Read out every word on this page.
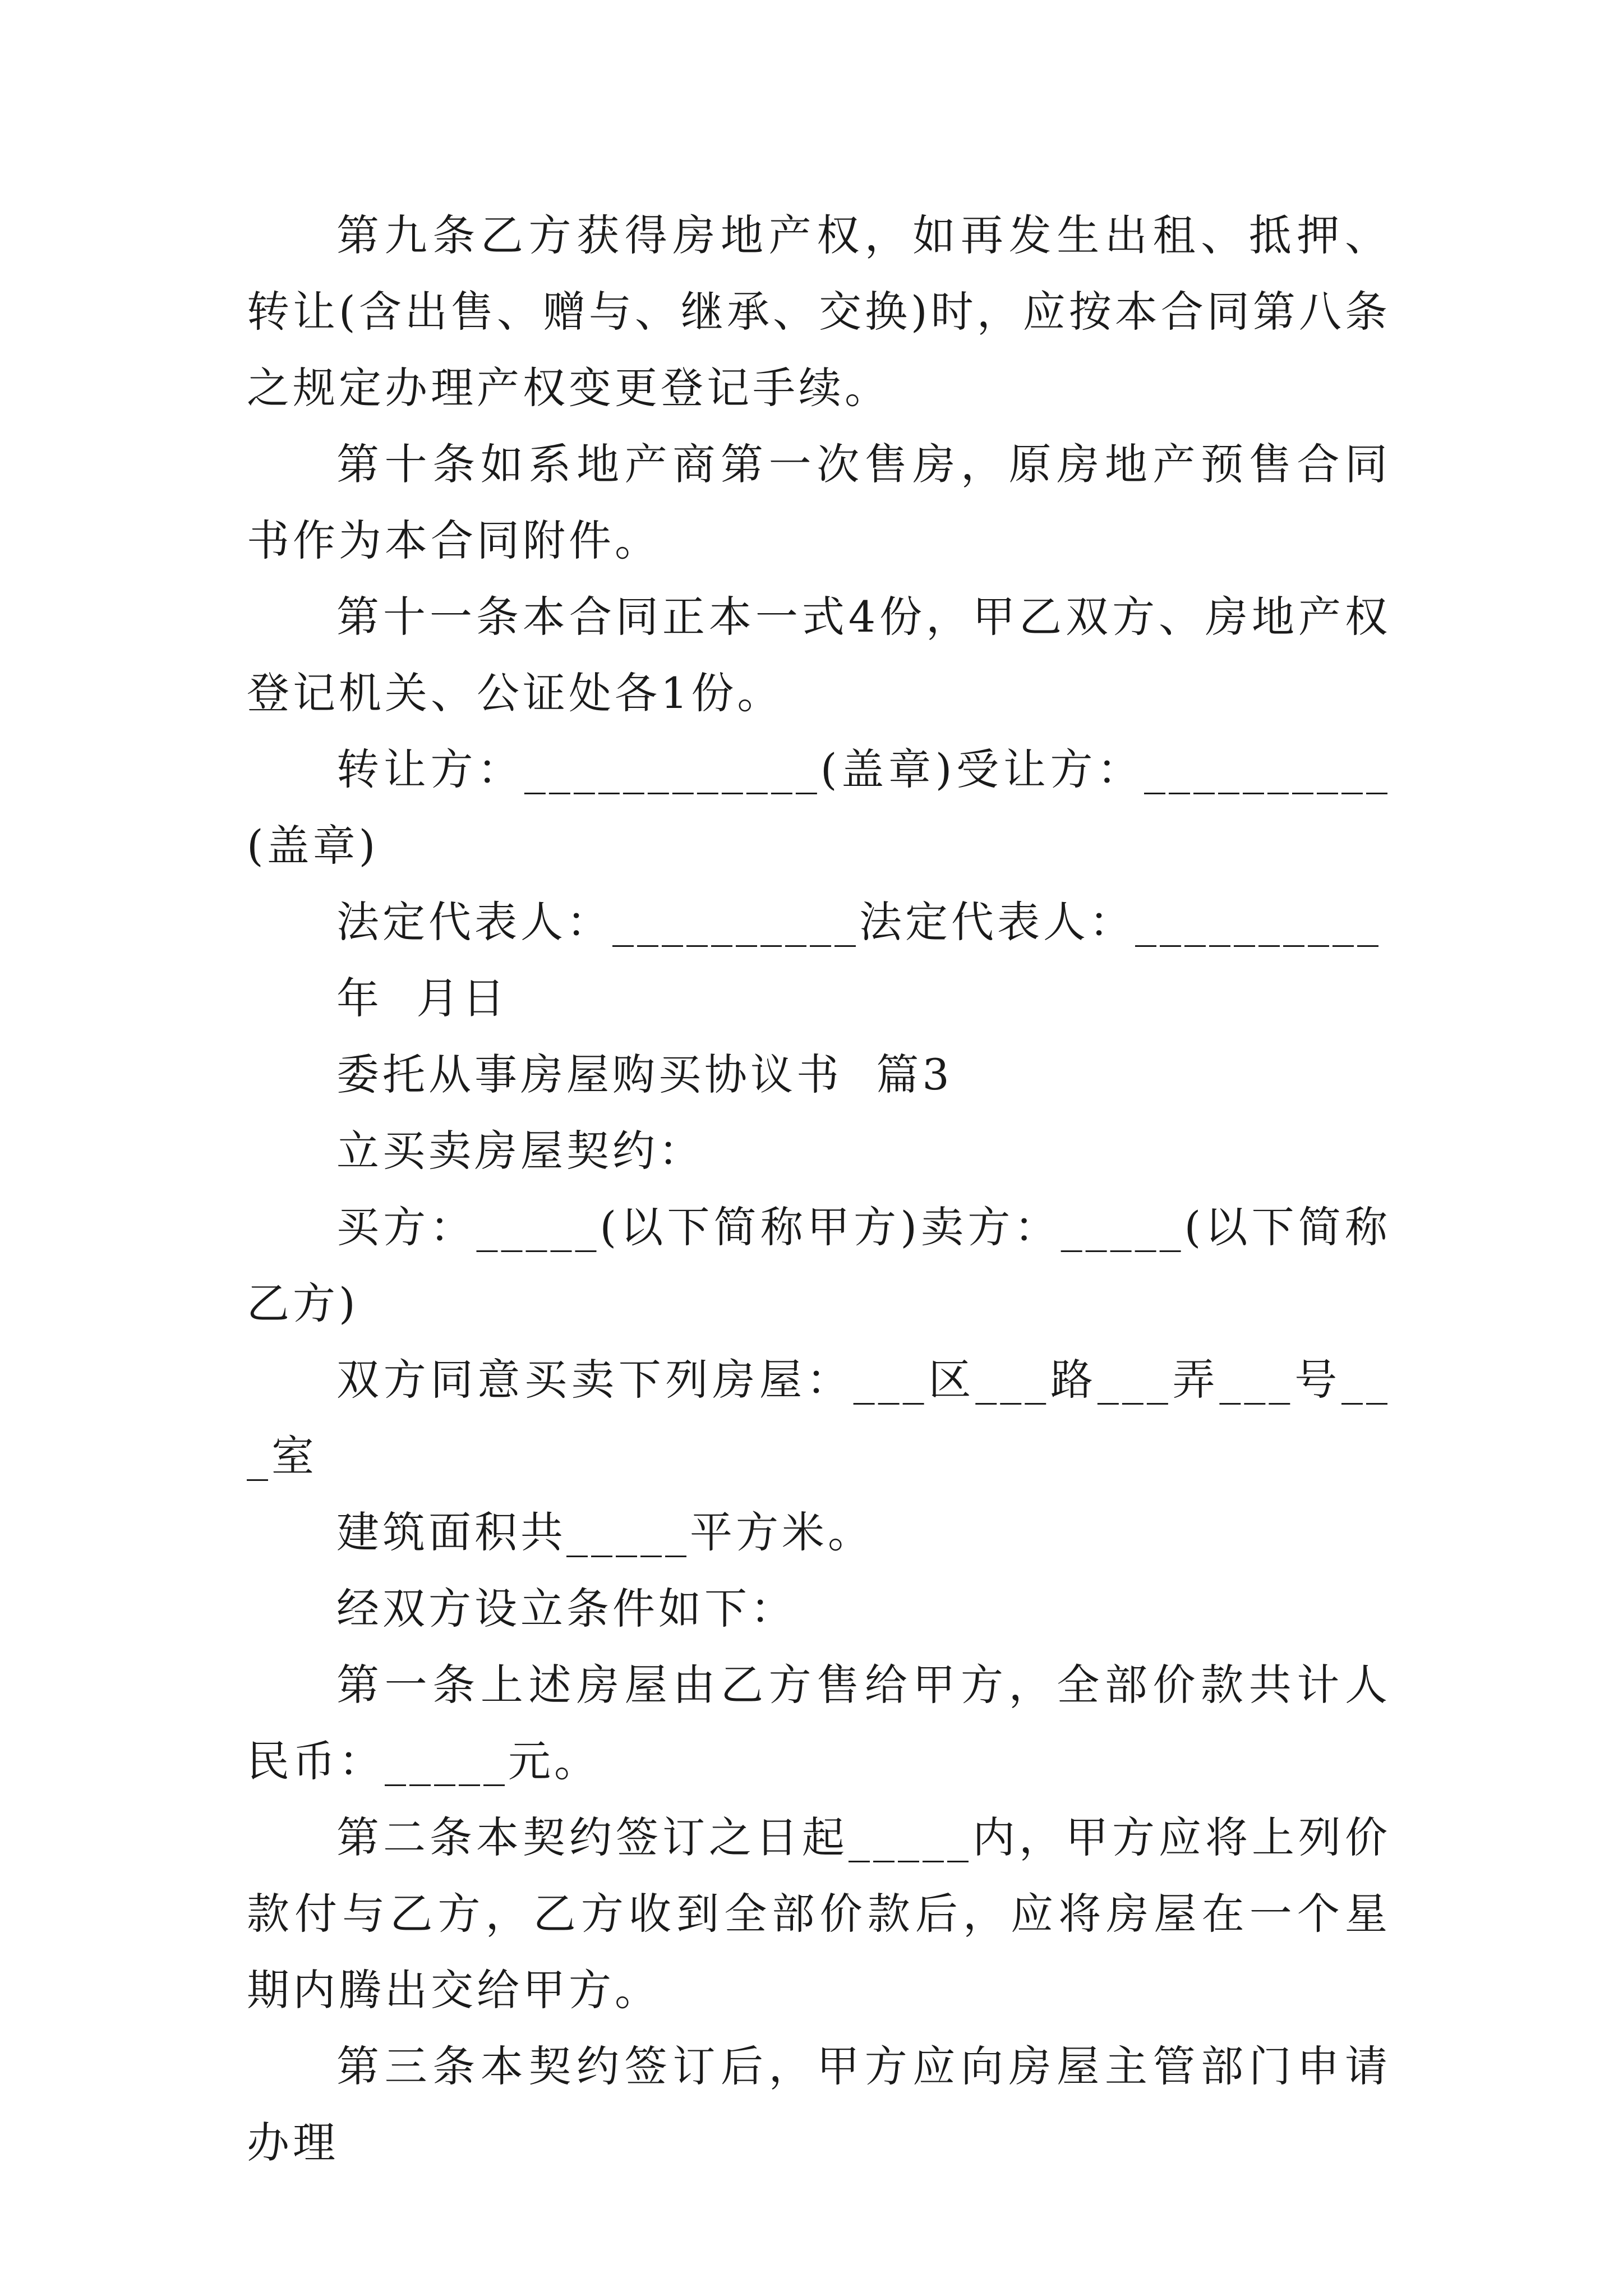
第九条乙方获得房地产权，如再发生出租、抵押、转让(含出售、赠与、继承、交换)时，应按本合同第八条之规定办理产权变更登记手续。

第十条如系地产商第一次售房，原房地产预售合同书作为本合同附件。

第十一条本合同正本一式4份，甲乙双方、房地产权登记机关、公证处各1份。

转让方：____________(盖章)受让方：__________(盖章)

法定代表人：__________法定代表人：__________

年  月日

委托从事房屋购买协议书  篇3

立买卖房屋契约：

买方：_____(以下简称甲方)卖方：_____(以下简称乙方)

双方同意买卖下列房屋：___区___路___弄___号___室

建筑面积共_____平方米。

经双方设立条件如下：

第一条上述房屋由乙方售给甲方，全部价款共计人民币：_____元。

第二条本契约签订之日起_____内，甲方应将上列价款付与乙方，乙方收到全部价款后，应将房屋在一个星期内腾出交给甲方。

第三条本契约签订后，甲方应向房屋主管部门申请办理
